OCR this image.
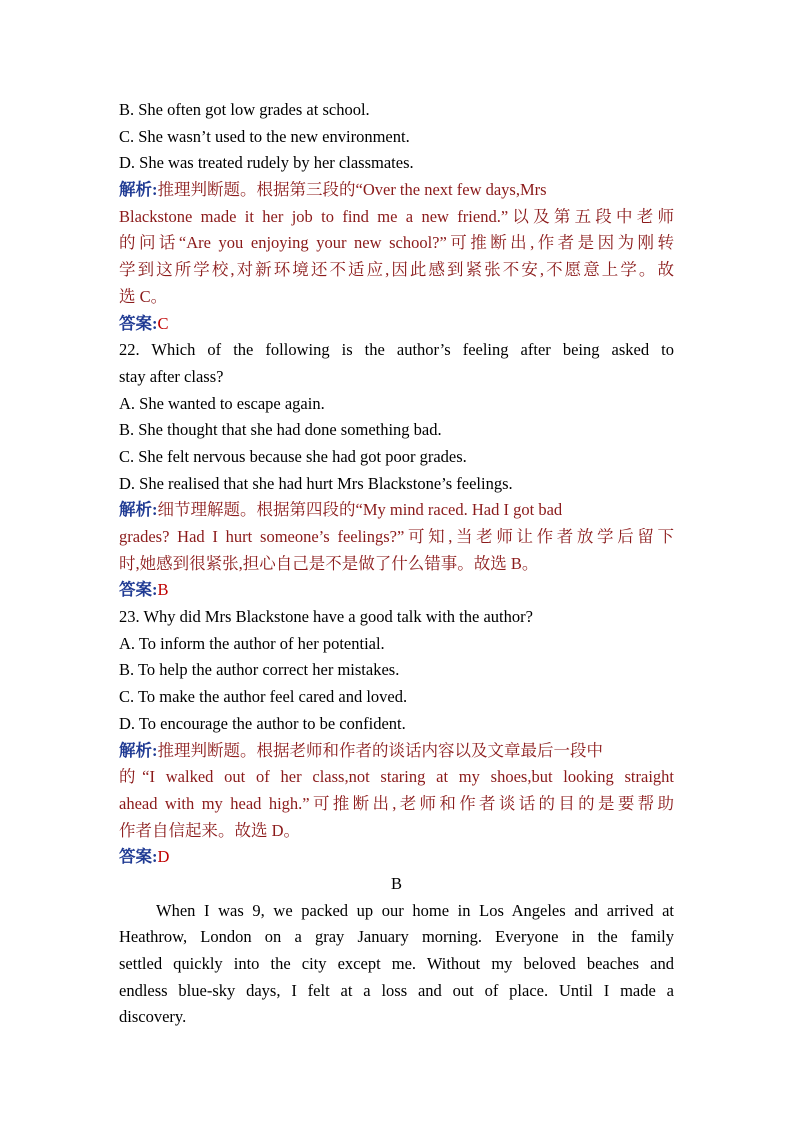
B. She often got low grades at school.
C. She wasn’t used to the new environment.
D. She was treated rudely by her classmates.
解析:推理判断题。根据第三段的“Over the next few days,Mrs
Blackstone made it her job to find me a new friend.”以及第五段中老师
的问话“Are you enjoying your new school?”可推断出,作者是因为刚转
学到这所学校,对新环境还不适应,因此感到紧张不安,不愿意上学。故
选 C。
答案:C
22. Which of the following is the author’s feeling after being asked to
stay after class?
A. She wanted to escape again.
B. She thought that she had done something bad.
C. She felt nervous because she had got poor grades.
D. She realised that she had hurt Mrs Blackstone’s feelings.
解析:细节理解题。根据第四段的“My mind raced. Had I got bad
grades? Had I hurt someone’s feelings?”可知,当老师让作者放学后留下
时,她感到很紧张,担心自己是不是做了什么错事。故选 B。
答案:B
23. Why did Mrs Blackstone have a good talk with the author?
A. To inform the author of her potential.
B. To help the author correct her mistakes.
C. To make the author feel cared and loved.
D. To encourage the author to be confident.
解析:推理判断题。根据老师和作者的谈话内容以及文章最后一段中
的“I walked out of her class,not staring at my shoes,but looking straight
ahead with my head high.”可推断出,老师和作者谈话的目的是要帮助
作者自信起来。故选 D。
答案:D
B
When I was 9, we packed up our home in Los Angeles and arrived at
Heathrow, London on a gray January morning. Everyone in the family
settled quickly into the city except me. Without my beloved beaches and
endless blue-sky days, I felt at a loss and out of place. Until I made a
discovery.
